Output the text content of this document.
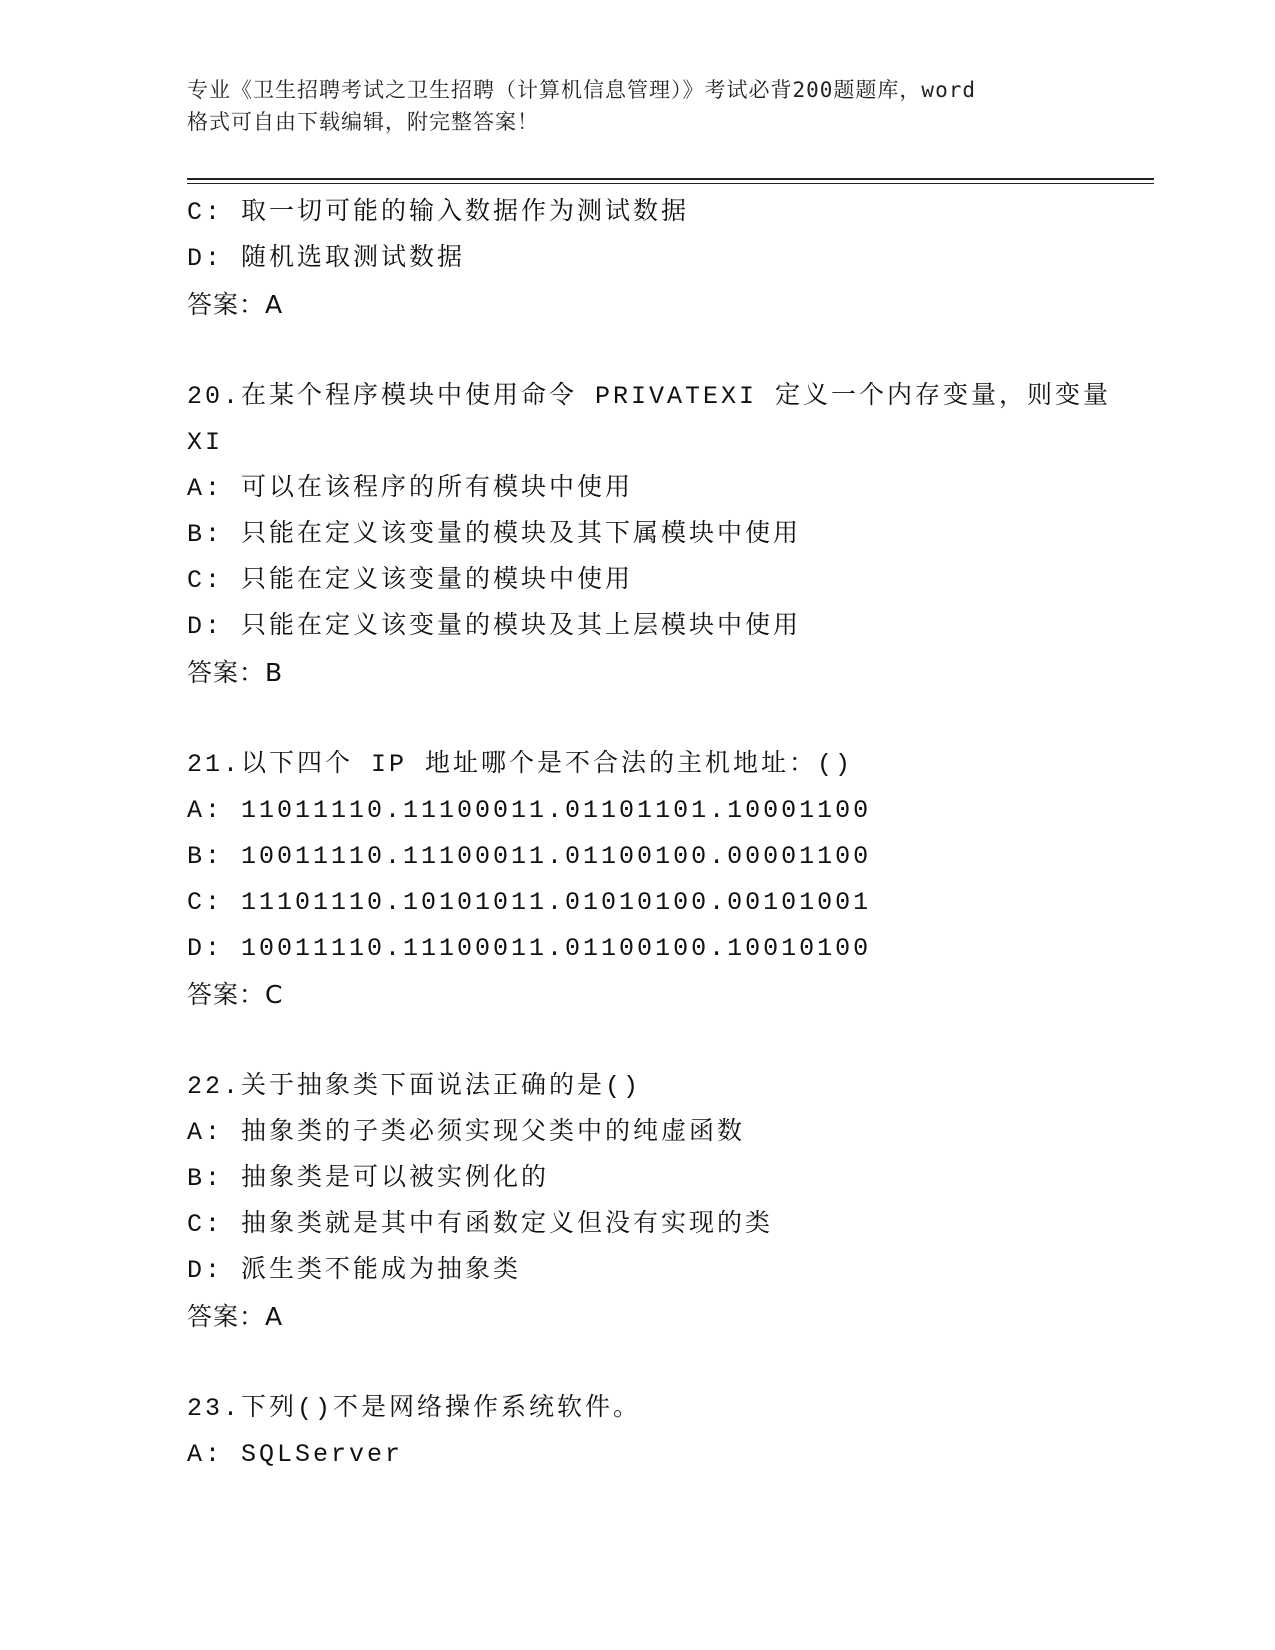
专业《卫生招聘考试之卫生招聘（计算机信息管理）》考试必背200题题库，word
格式可自由下载编辑，附完整答案！
C: 取一切可能的输入数据作为测试数据
D: 随机选取测试数据
答案：A
20.在某个程序模块中使用命令 PRIVATEXI 定义一个内存变量，则变量
XI
A: 可以在该程序的所有模块中使用
B: 只能在定义该变量的模块及其下属模块中使用
C: 只能在定义该变量的模块中使用
D: 只能在定义该变量的模块及其上层模块中使用
答案：B
21.以下四个 IP 地址哪个是不合法的主机地址：()
A: 11011110.11100011.01101101.10001100
B: 10011110.11100011.01100100.00001100
C: 11101110.10101011.01010100.00101001
D: 10011110.11100011.01100100.10010100
答案：C
22.关于抽象类下面说法正确的是()
A: 抽象类的子类必须实现父类中的纯虚函数
B: 抽象类是可以被实例化的
C: 抽象类就是其中有函数定义但没有实现的类
D: 派生类不能成为抽象类
答案：A
23.下列()不是网络操作系统软件。
A: SQLServer
